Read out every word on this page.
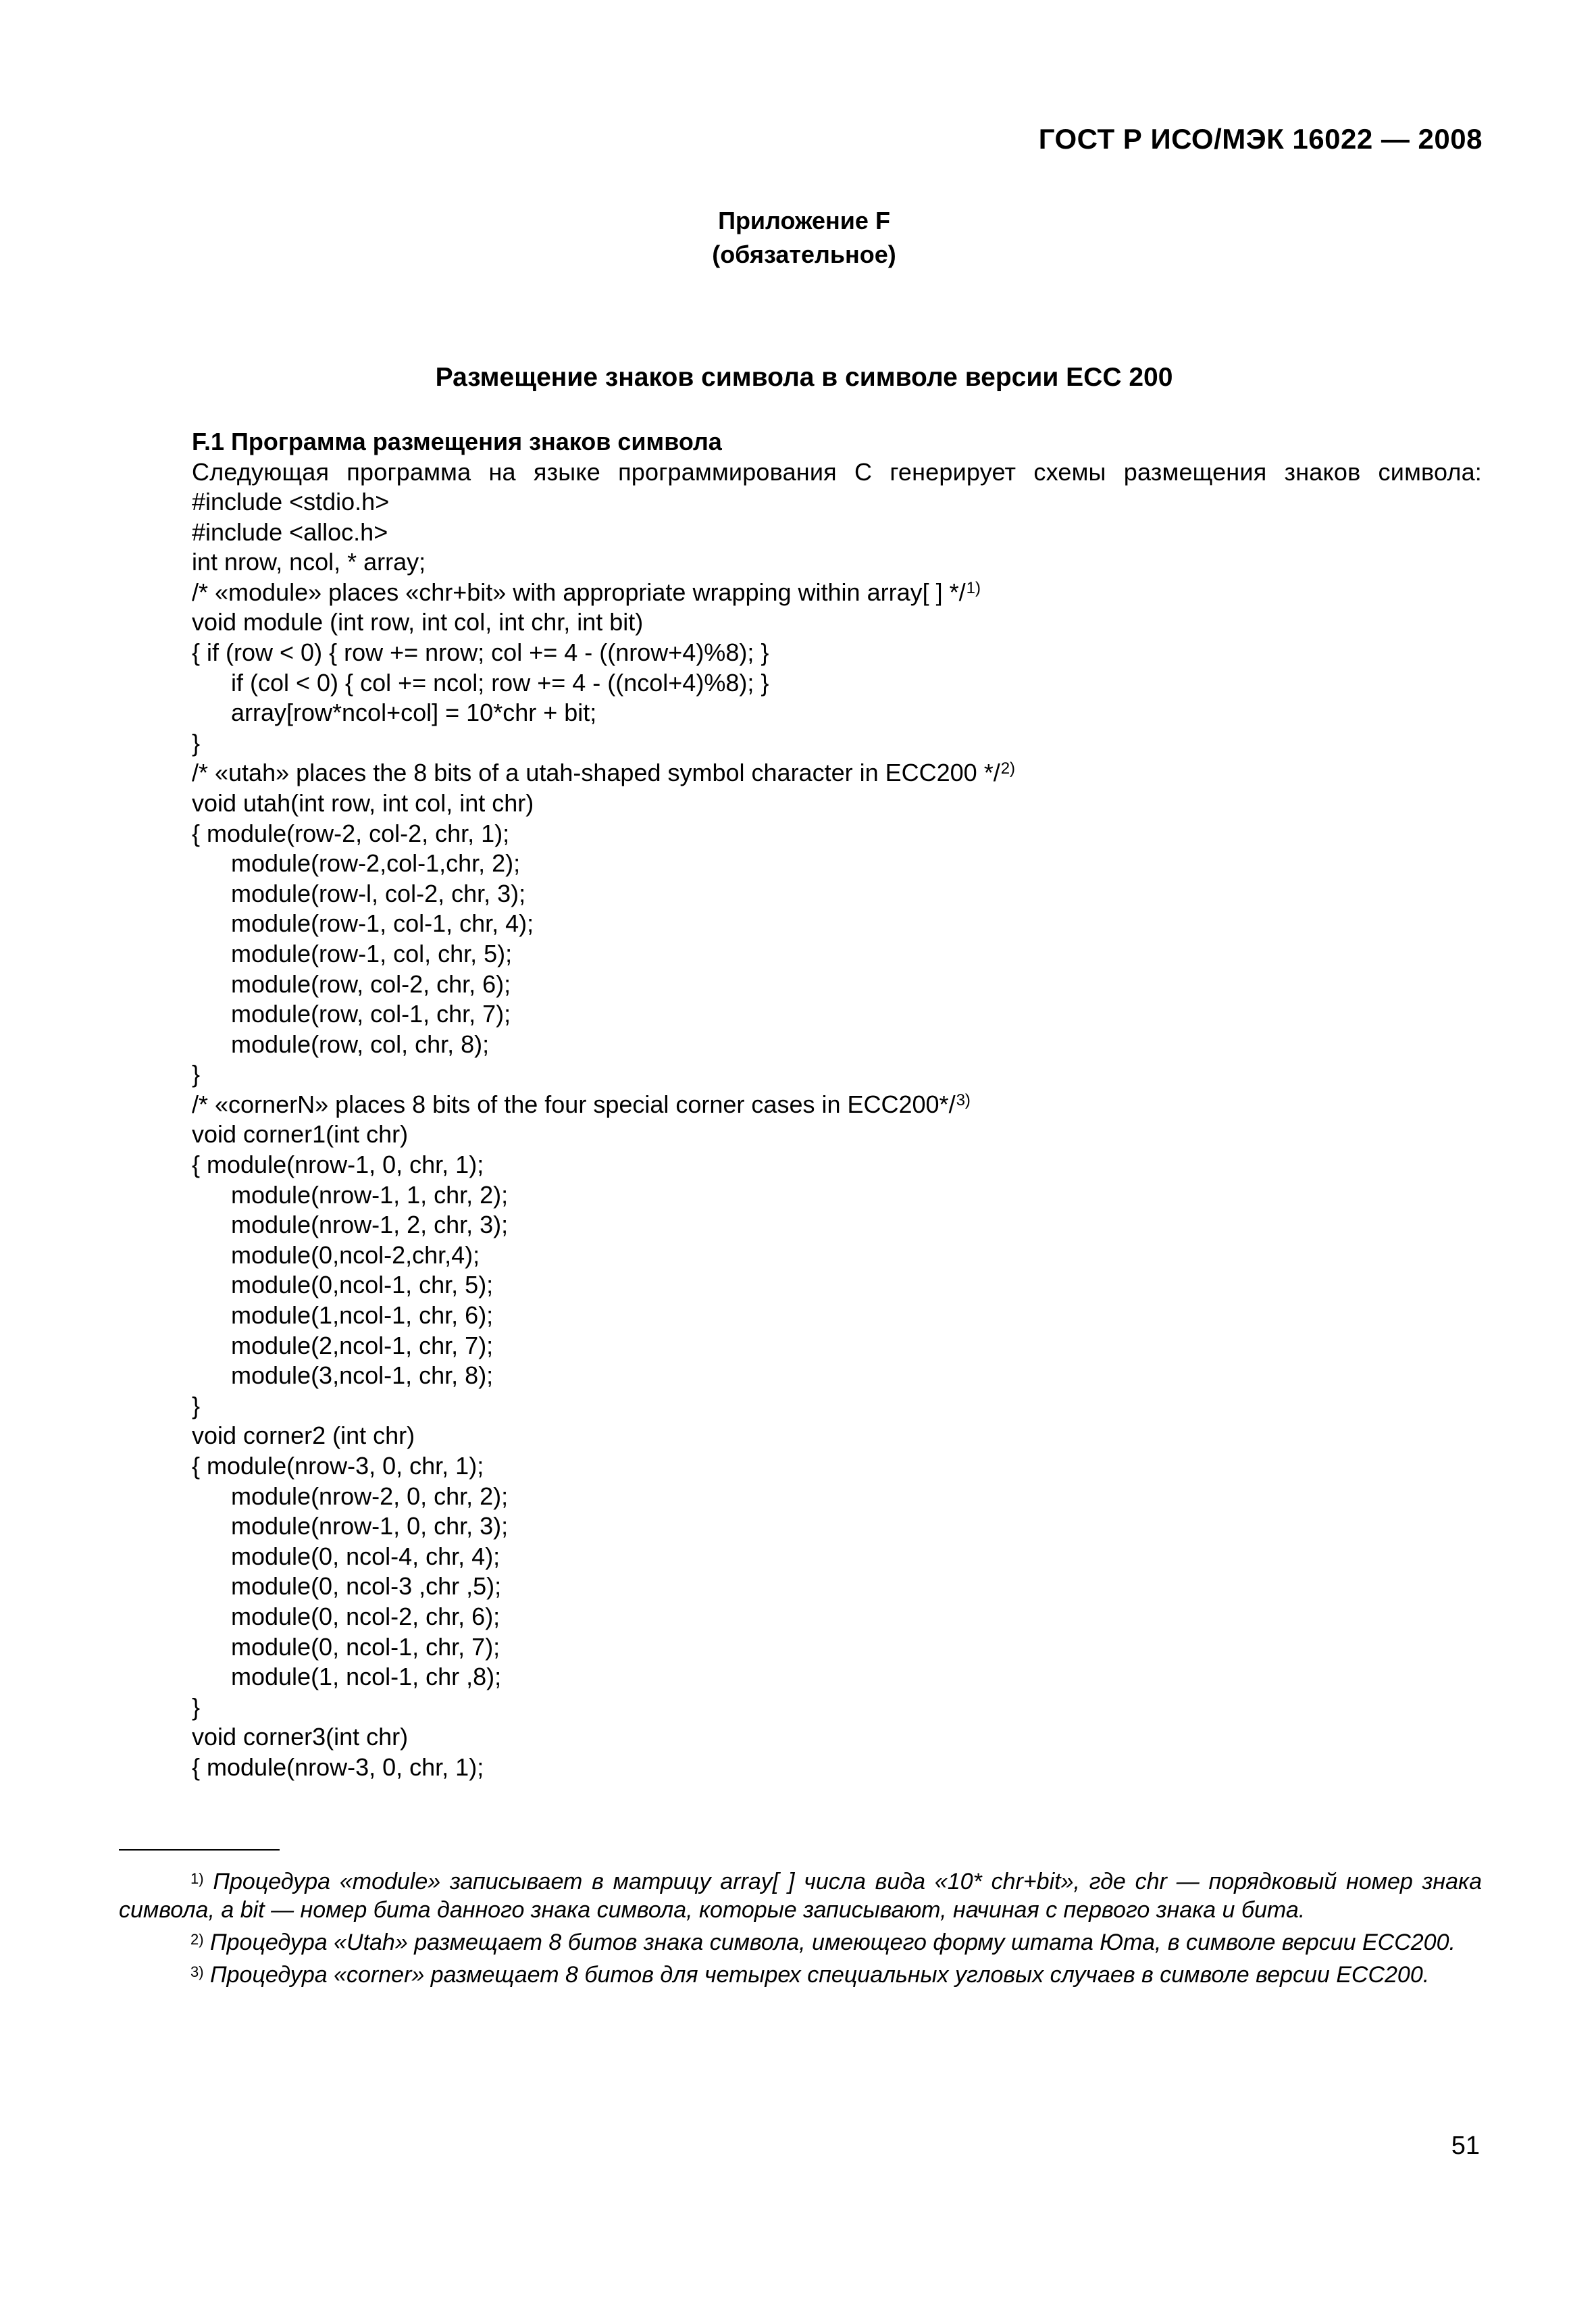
ГОСТ Р ИСО/МЭК 16022 — 2008
Приложение F
(обязательное)
Размещение знаков символа в символе версии ЕСС 200
F.1 Программа размещения знаков символа
Следующая программа на языке программирования С генерирует схемы размещения знаков символа:
#include <stdio.h>
#include <alloc.h>
int nrow, ncol, * array;
/* «module» places «chr+bit» with appropriate wrapping within array[ ] */$^{1)}$
void module (int row, int col, int chr, int bit)
{ if (row < 0) { row += nrow; col += 4 - ((nrow+4)%8); }
if (col < 0) { col += ncol; row += 4 - ((ncol+4)%8); }
array[row*ncol+col] = 10*chr + bit;
}
/* «utah» places the 8 bits of a utah-shaped symbol character in ECC200 */$^{2)}$
void utah(int row, int col, int chr)
{ module(row-2, col-2, chr, 1);
module(row-2,col-1,chr, 2);
module(row-l, col-2, chr, 3);
module(row-1, col-1, chr, 4);
module(row-1, col, chr, 5);
module(row, col-2, chr, 6);
module(row, col-1, chr, 7);
module(row, col, chr, 8);
}
/* «cornerN» places 8 bits of the four special corner cases in ECC200*/$^{3)}$
void corner1(int chr)
{ module(nrow-1, 0, chr, 1);
module(nrow-1, 1, chr, 2);
module(nrow-1, 2, chr, 3);
module(0,ncol-2,chr,4);
module(0,ncol-1, chr, 5);
module(1,ncol-1, chr, 6);
module(2,ncol-1, chr, 7);
module(3,ncol-1, chr, 8);
}
void corner2 (int chr)
{ module(nrow-3, 0, chr, 1);
module(nrow-2, 0, chr, 2);
module(nrow-1, 0, chr, 3);
module(0, ncol-4, chr, 4);
module(0, ncol-3 ,chr ,5);
module(0, ncol-2, chr, 6);
module(0, ncol-1, chr, 7);
module(1, ncol-1, chr ,8);
}
void corner3(int chr)
{ module(nrow-3, 0, chr, 1);
$^{1)}$ Процедура «module» записывает в матрицу array[ ] числа вида «10* chr+bit», где chr — порядковый номер знака символа, a bit — номер бита данного знака символа, которые записывают, начиная с первого знака и бита.
$^{2)}$ Процедура «Utah» размещает 8 битов знака символа, имеющего форму штата Юта, в символе версии ЕСС200.
$^{3)}$ Процедура «corner» размещает 8 битов для четырех специальных угловых случаев в символе версии ЕСС200.
51
